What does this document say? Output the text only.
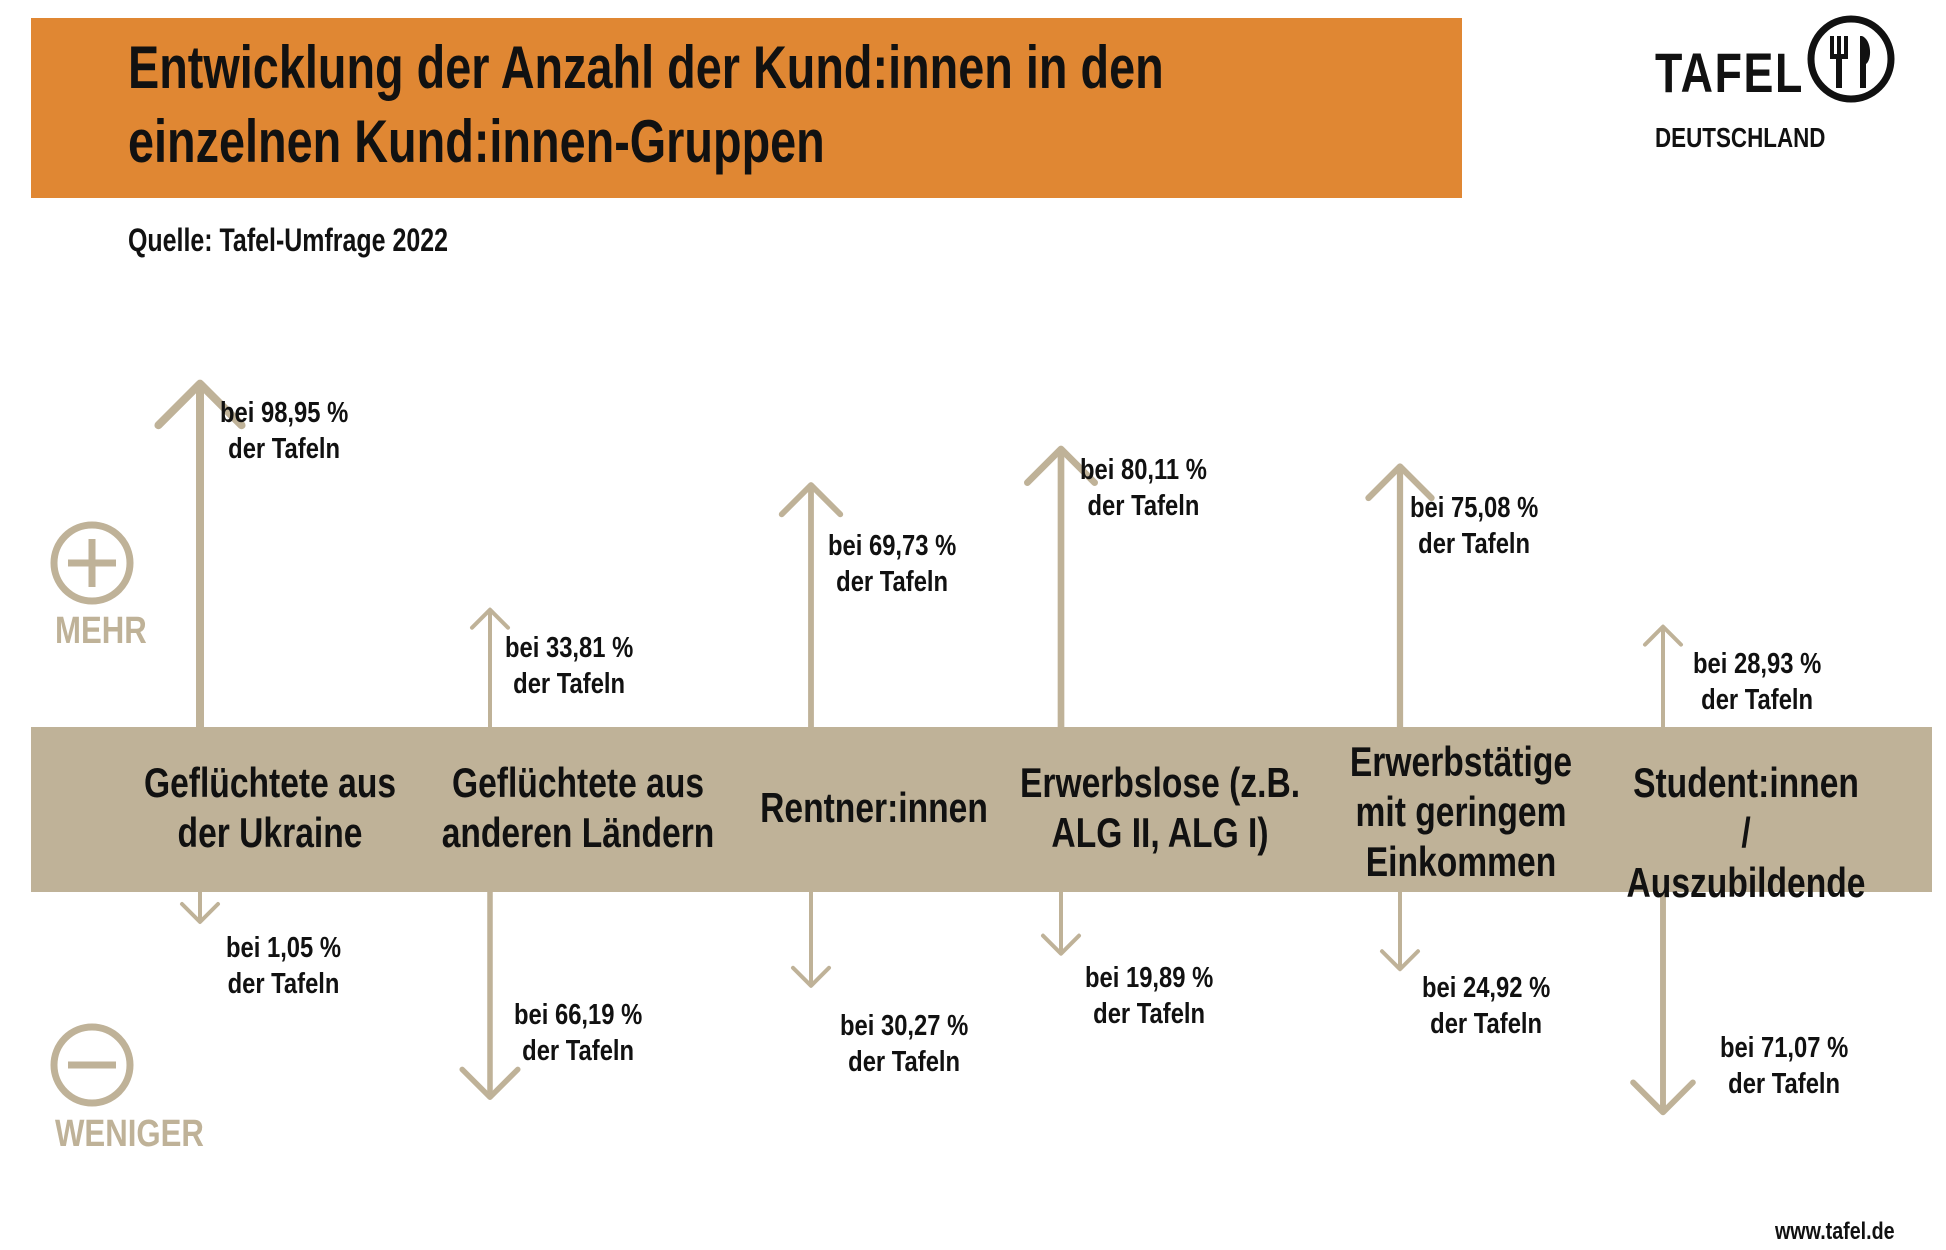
Entwicklung der Anzahl der Kund:innen in den
einzelnen Kund:innen-Gruppen
Quelle: Tafel-Umfrage 2022
TAFEL
DEUTSCHLAND
MEHR
WENIGER
Geflüchtete aus
der Ukraine
Geflüchtete aus
anderen Ländern
Rentner:innen
Erwerbslose (z.B.
ALG II, ALG I)
Erwerbstätige
mit geringem
Einkommen
Student:innen /
Auszubildende
bei 98,95 %
der Tafeln
bei 33,81 %
der Tafeln
bei 69,73 %
der Tafeln
bei 80,11 %
der Tafeln	bei 75,08 %
der Tafeln
bei 28,93 %
der Tafeln
bei 1,05 %
der Tafeln
bei 66,19 %
der Tafeln
bei 30,27 %
der Tafeln
bei 19,89 %
der Tafeln
bei 24,92 %
der Tafeln
bei 71,07 %
der Tafeln
www.tafel.de
